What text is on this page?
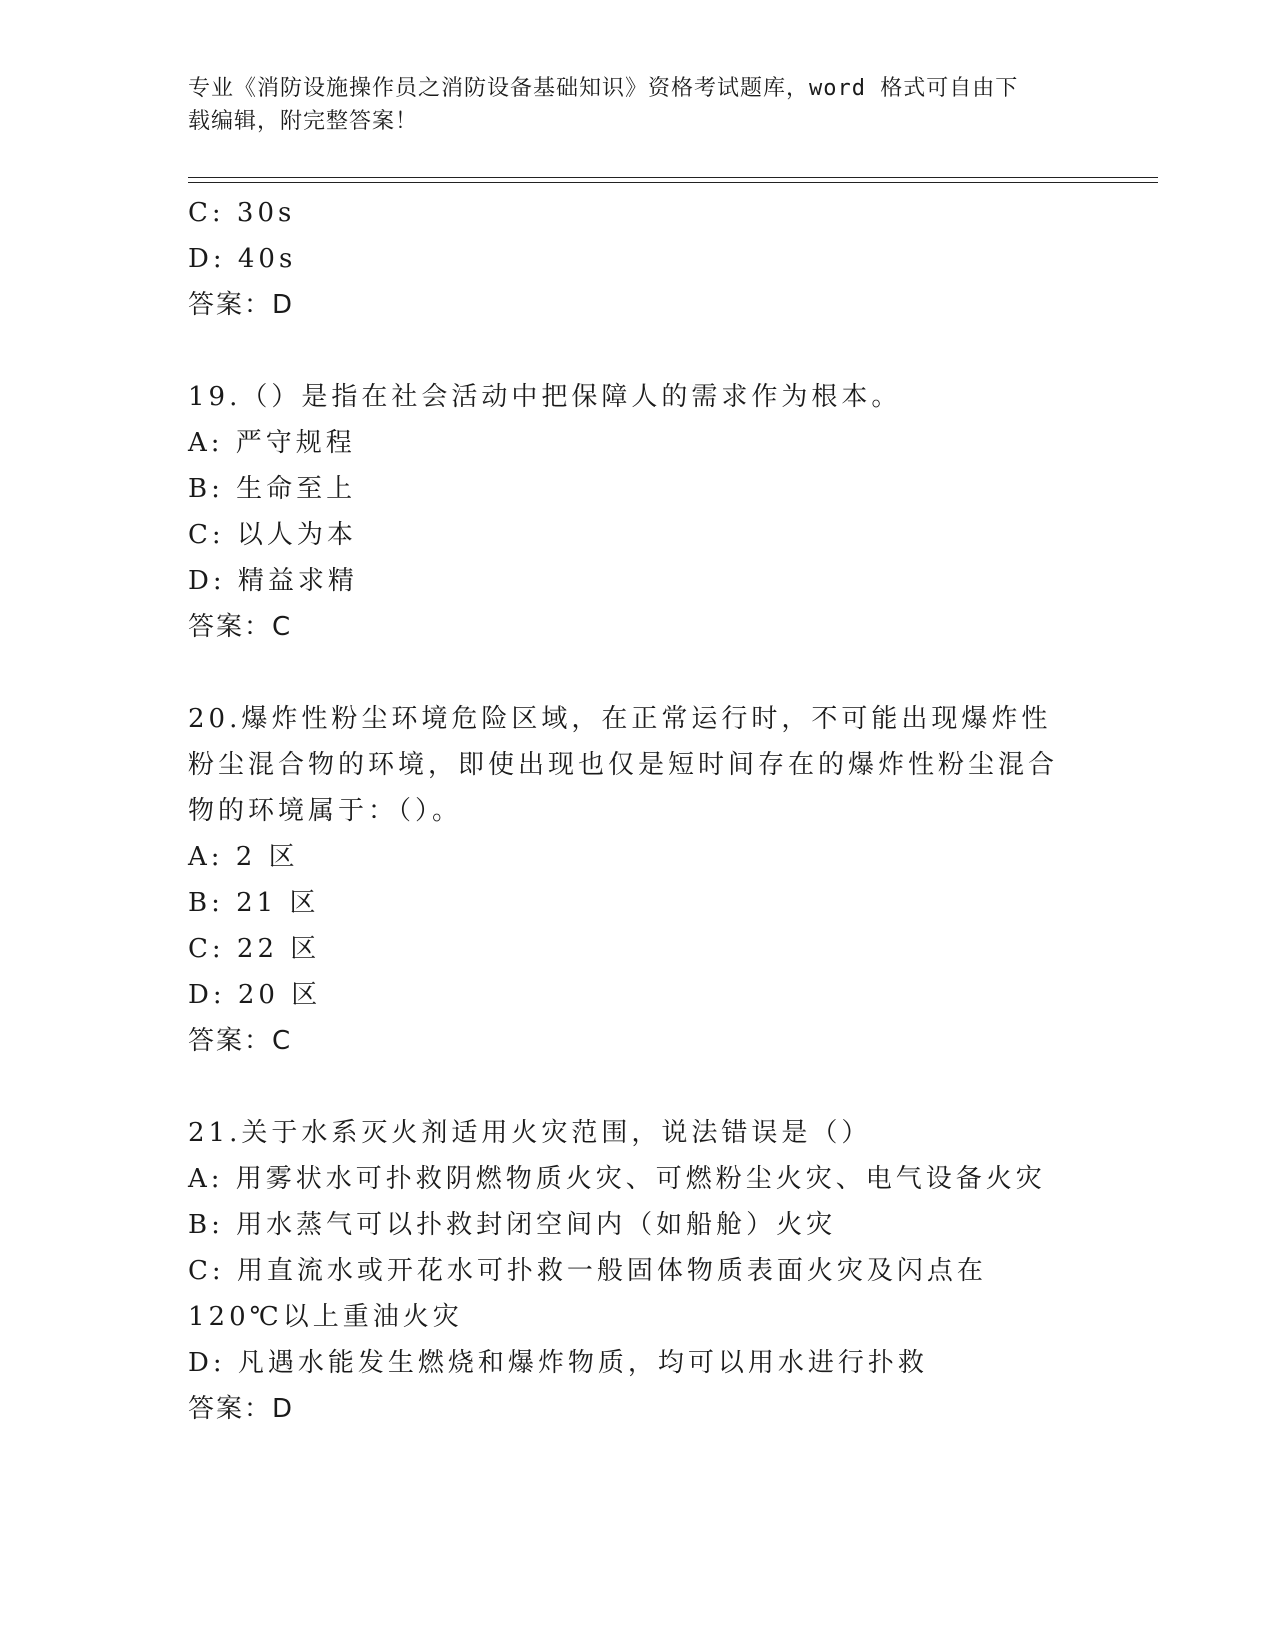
专业《消防设施操作员之消防设备基础知识》资格考试题库，word 格式可自由下
载编辑，附完整答案！

C: 30s

D: 40s

答案：D

19.（）是指在社会活动中把保障人的需求作为根本。

A: 严守规程

B: 生命至上

C: 以人为本

D: 精益求精

答案：C

20.爆炸性粉尘环境危险区域，在正常运行时，不可能出现爆炸性粉尘混合物的环境，即使出现也仅是短时间存在的爆炸性粉尘混合物的环境属于：（）。

A: 2 区

B: 21 区

C: 22 区

D: 20 区

答案：C

21.关于水系灭火剂适用火灾范围，说法错误是（）

A: 用雾状水可扑救阴燃物质火灾、可燃粉尘火灾、电气设备火灾

B: 用水蒸气可以扑救封闭空间内（如船舱）火灾

C: 用直流水或开花水可扑救一般固体物质表面火灾及闪点在 120℃以上重油火灾

D: 凡遇水能发生燃烧和爆炸物质，均可以用水进行扑救

答案：D
